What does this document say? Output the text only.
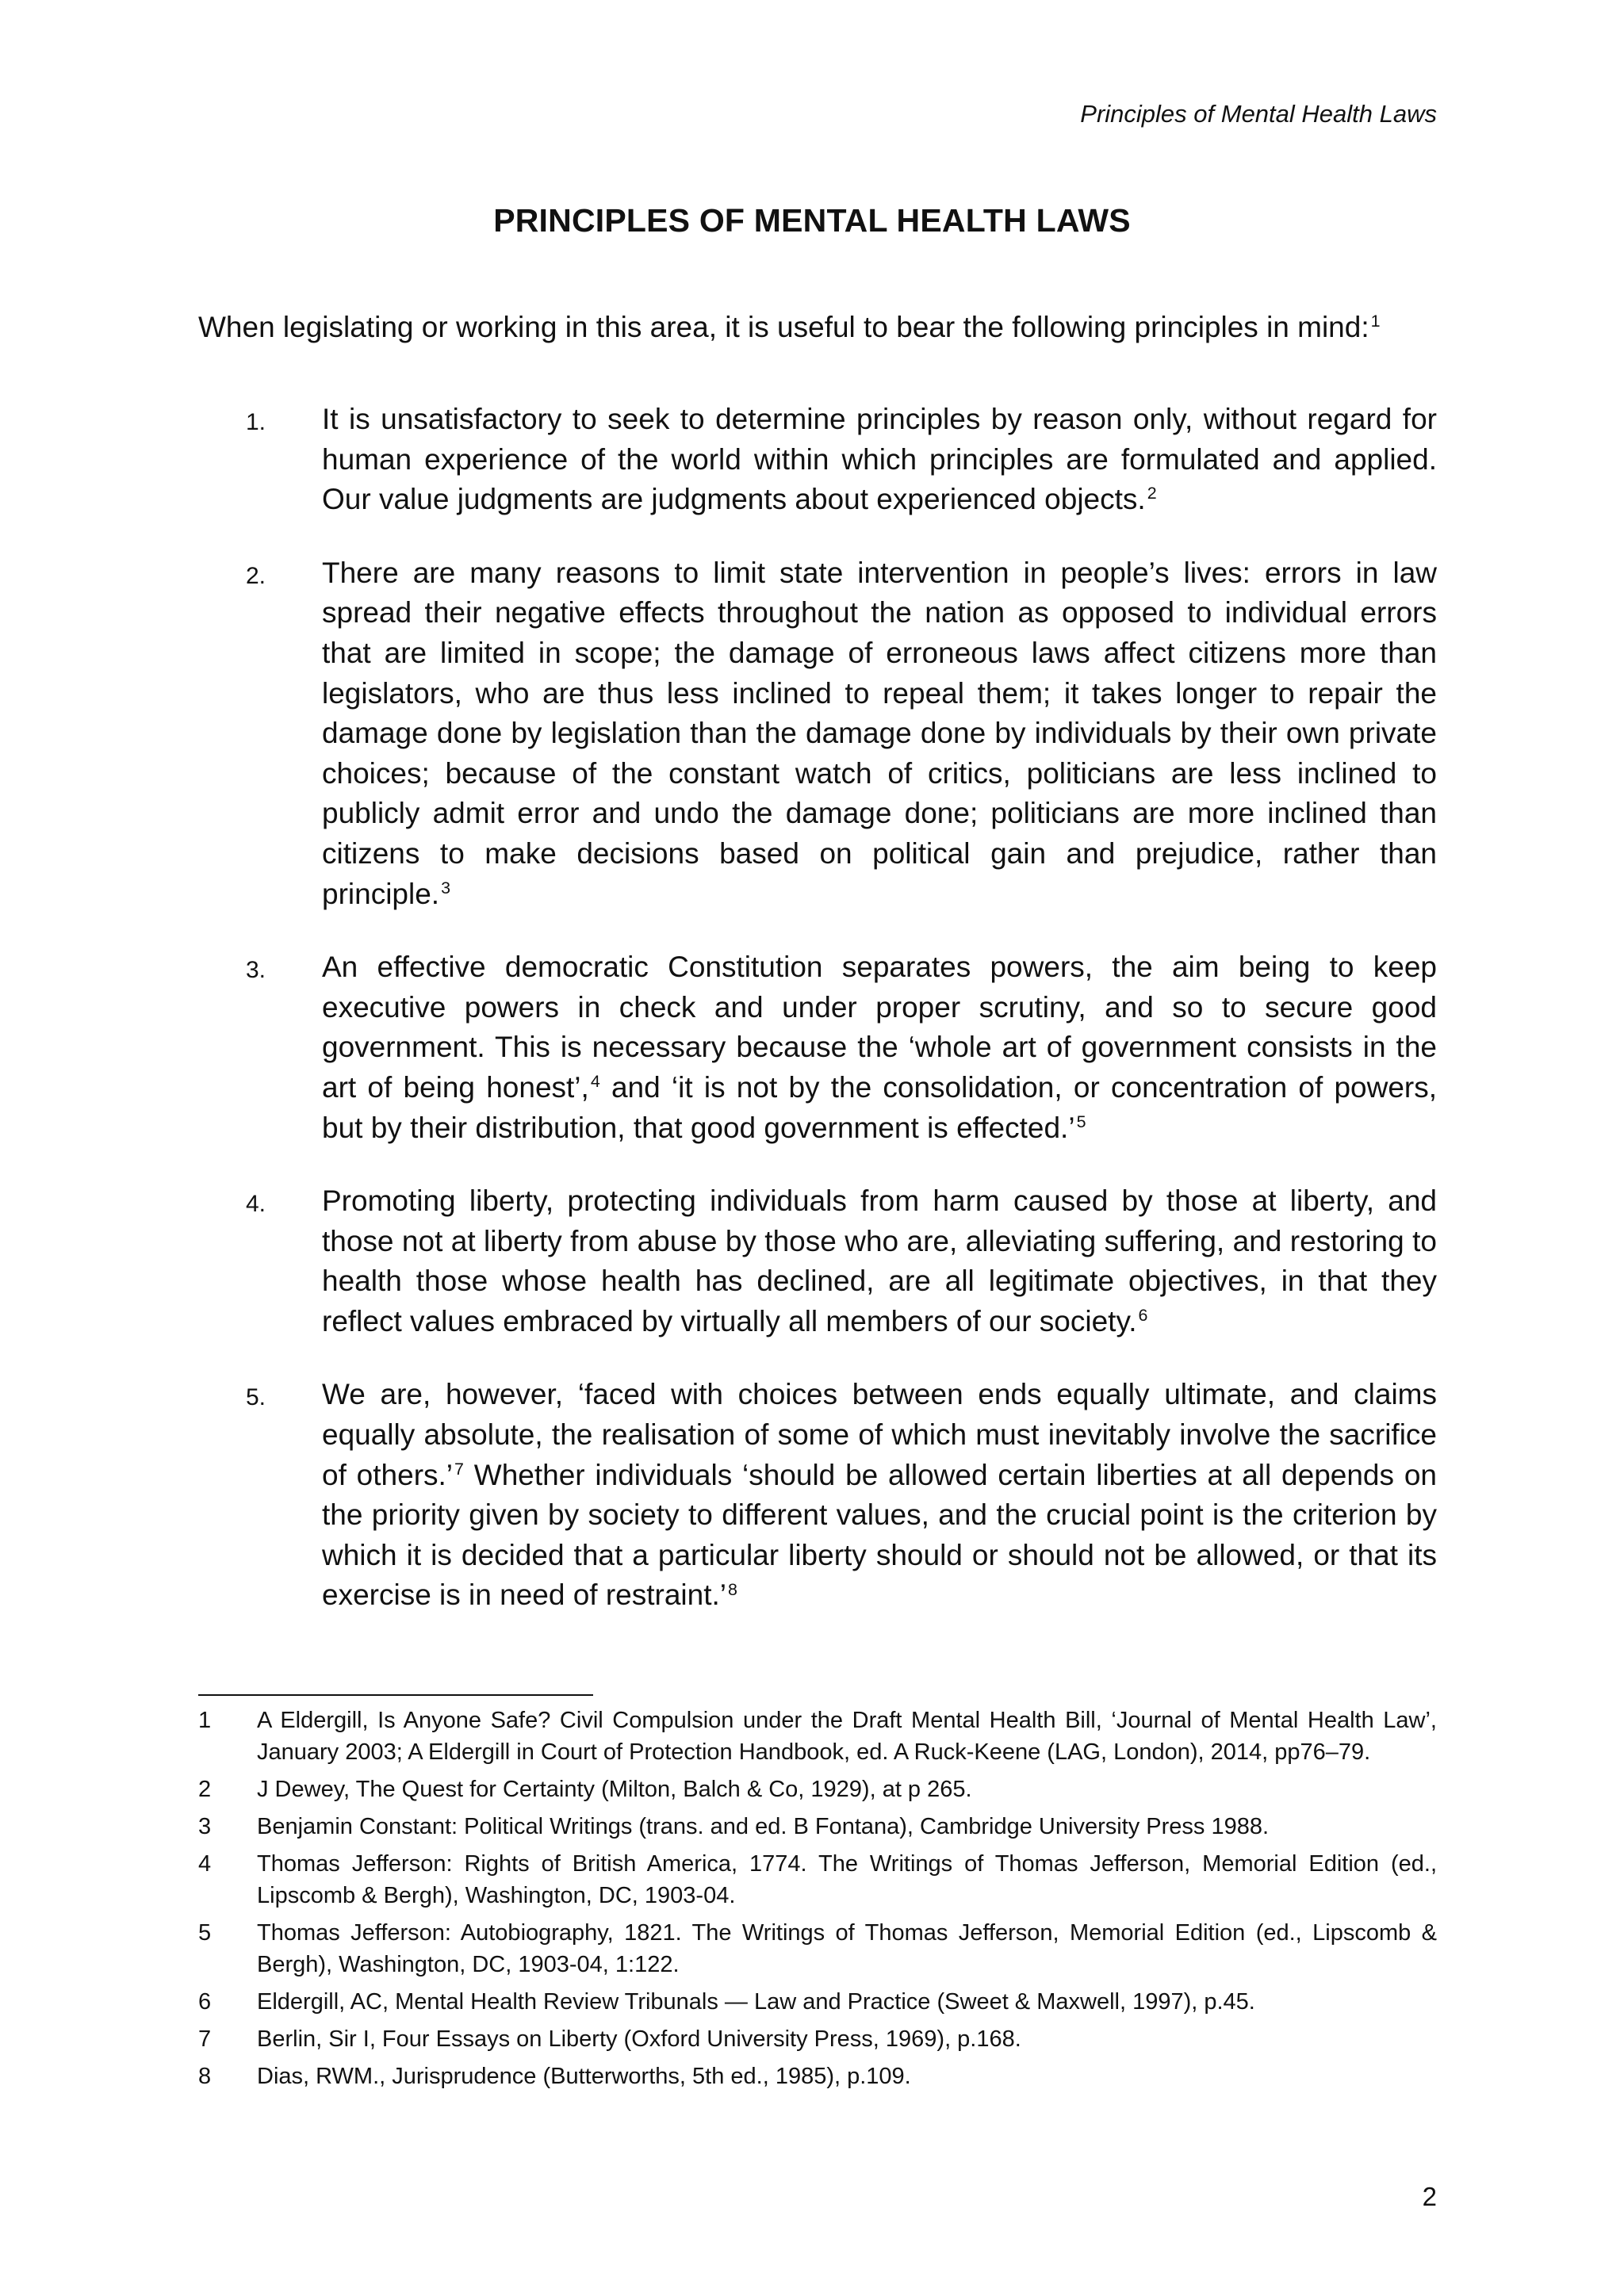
Principles of Mental Health Laws
PRINCIPLES OF MENTAL HEALTH LAWS

When legislating or working in this area, it is useful to bear the following principles in mind:$^1$

1. It is unsatisfactory to seek to determine principles by reason only, without regard for human experience of the world within which principles are formulated and applied. Our value judgments are judgments about experienced objects.$^2$
2. There are many reasons to limit state intervention in people’s lives: errors in law spread their negative effects throughout the nation as opposed to individual errors that are limited in scope; the damage of erroneous laws affect citizens more than legislators, who are thus less inclined to repeal them; it takes longer to repair the damage done by legislation than the damage done by individuals by their own private choices; because of the constant watch of critics, politicians are less inclined to publicly admit error and undo the damage done; politicians are more inclined than citizens to make decisions based on political gain and prejudice, rather than principle.$^3$
3. An effective democratic Constitution separates powers, the aim being to keep executive powers in check and under proper scrutiny, and so to secure good government. This is necessary because the ‘whole art of government consists in the art of being honest’,$^4$ and ‘it is not by the consolidation, or concentration of powers, but by their distribution, that good government is effected.’$^5$
4. Promoting liberty, protecting individuals from harm caused by those at liberty, and those not at liberty from abuse by those who are, alleviating suffering, and restoring to health those whose health has declined, are all legitimate objectives, in that they reflect values embraced by virtually all members of our society.$^6$
5. We are, however, ‘faced with choices between ends equally ultimate, and claims equally absolute, the realisation of some of which must inevitably involve the sacrifice of others.’$^7$ Whether individuals ‘should be allowed certain liberties at all depends on the priority given by society to different values, and the crucial point is the criterion by which it is decided that a particular liberty should or should not be allowed, or that its exercise is in need of restraint.’$^8$
1 A Eldergill, Is Anyone Safe? Civil Compulsion under the Draft Mental Health Bill, ‘Journal of Mental Health Law’, January 2003; A Eldergill in Court of Protection Handbook, ed. A Ruck-Keene (LAG, London), 2014, pp76–79.
2 J Dewey, The Quest for Certainty (Milton, Balch & Co, 1929), at p 265.
3 Benjamin Constant: Political Writings (trans. and ed. B Fontana), Cambridge University Press 1988.
4 Thomas Jefferson: Rights of British America, 1774. The Writings of Thomas Jefferson, Memorial Edition (ed., Lipscomb & Bergh), Washington, DC, 1903-04.
5 Thomas Jefferson: Autobiography, 1821. The Writings of Thomas Jefferson, Memorial Edition (ed., Lipscomb & Bergh), Washington, DC, 1903-04, 1:122.
6 Eldergill, AC, Mental Health Review Tribunals — Law and Practice (Sweet & Maxwell, 1997), p.45.
7 Berlin, Sir I, Four Essays on Liberty (Oxford University Press, 1969), p.168.
8 Dias, RWM., Jurisprudence (Butterworths, 5th ed., 1985), p.109.
2
